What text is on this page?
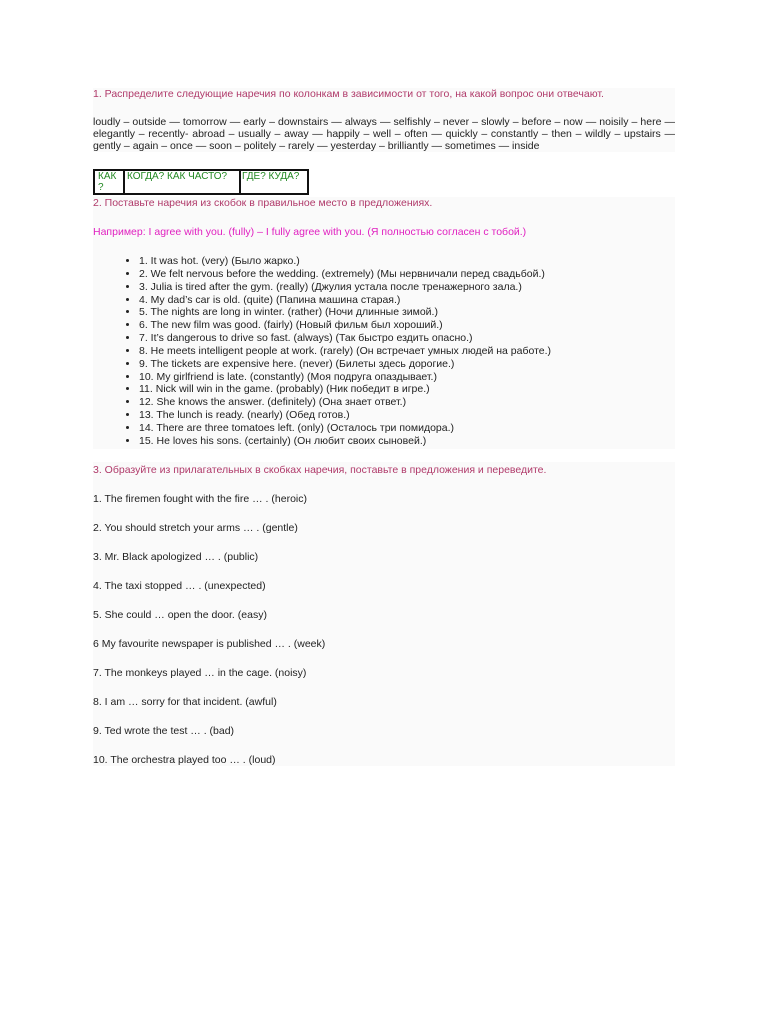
1. Распределите следующие наречия по колонкам в зависимости от того, на какой вопрос они отвечают.

loudly – outside — tomorrow — early – downstairs — always — selfishly – never – slowly – before – now — noisily – here — elegantly – recently- abroad – usually – away — happily – well – often — quickly – constantly – then – wildly – upstairs — gently – again – once — soon – politely – rarely — yesterday – brilliantly — sometimes — inside

КАК ?
КОГДА? КАК ЧАСТО?	ГДЕ? КУДА?

2. Поставьте наречия из скобок в правильное место в предложениях.

Например: I agree with you. (fully) – I fully agree with you. (Я полностью согласен с тобой.)

• 1. It was hot. (very) (Было жарко.)
• 2. We felt nervous before the wedding. (extremely) (Мы нервничали перед свадьбой.)
• 3. Julia is tired after the gym. (really) (Джулия устала после тренажерного зала.)
• 4. My dad’s car is old. (quite) (Папина машина старая.)
• 5. The nights are long in winter. (rather) (Ночи длинные зимой.)
• 6. The new film was good. (fairly) (Новый фильм был хороший.)
• 7. It’s dangerous to drive so fast. (always) (Так быстро ездить опасно.)
• 8. He meets intelligent people at work. (rarely) (Он встречает умных людей на работе.)
• 9. The tickets are expensive here. (never) (Билеты здесь дорогие.)
• 10. My girlfriend is late. (constantly) (Моя подруга опаздывает.)
• 11. Nick will win in the game. (probably) (Ник победит в игре.)
• 12. She knows the answer. (definitely) (Она знает ответ.)
• 13. The lunch is ready. (nearly) (Обед готов.)
• 14. There are three tomatoes left. (only) (Осталось три помидора.)
• 15. He loves his sons. (certainly) (Он любит своих сыновей.)

3. Образуйте из прилагательных в скобках наречия, поставьте в предложения и переведите.

1. The firemen fought with the fire … . (heroic)

2. You should stretch your arms … . (gentle)

3. Mr. Black apologized … . (public)

4. The taxi stopped … . (unexpected)

5. She could … open the door. (easy)

6 My favourite newspaper is published … . (week)

7. The monkeys played … in the cage. (noisy)

8. I am … sorry for that incident. (awful)

9. Ted wrote the test … . (bad)

10. The orchestra played too … . (loud)
